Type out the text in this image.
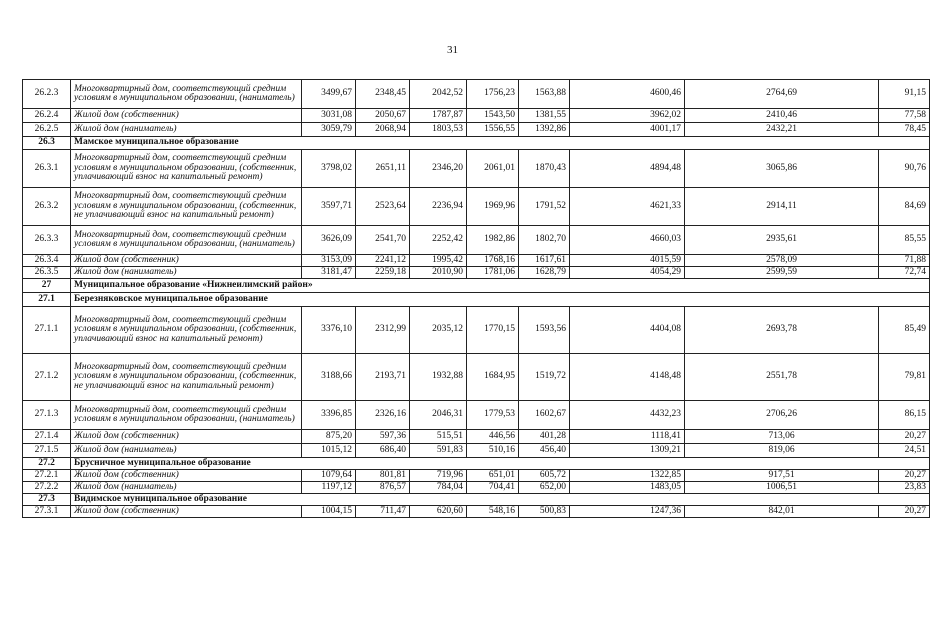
31
26.2.3	Многоквартирный дом, соответствующий средним условиям в муниципальном образовании, (наниматель)	3499,67	2348,45	2042,52	1756,23	1563,88	4600,46	2764,69	91,15
26.2.4	Жилой дом (собственник)	3031,08	2050,67	1787,87	1543,50	1381,55	3962,02	2410,46	77,58
26.2.5	Жилой дом (наниматель)	3059,79	2068,94	1803,53	1556,55	1392,86	4001,17	2432,21	78,45
26.3	Мамское муниципальное образование								
26.3.1	Многоквартирный дом, соответствующий средним условиям в муниципальном образовании, (собственник, уплачивающий взнос на капитальный ремонт)	3798,02	2651,11	2346,20	2061,01	1870,43	4894,48	3065,86	90,76
26.3.2	Многоквартирный дом, соответствующий средним условиям в муниципальном образовании, (собственник, не уплачивающий взнос на капитальный ремонт)	3597,71	2523,64	2236,94	1969,96	1791,52	4621,33	2914,11	84,69
26.3.3	Многоквартирный дом, соответствующий средним условиям в муниципальном образовании, (наниматель)	3626,09	2541,70	2252,42	1982,86	1802,70	4660,03	2935,61	85,55
26.3.4	Жилой дом (собственник)	3153,09	2241,12	1995,42	1768,16	1617,61	4015,59	2578,09	71,88
26.3.5	Жилой дом (наниматель)	3181,47	2259,18	2010,90	1781,06	1628,79	4054,29	2599,59	72,74
27	Муниципальное образование «Нижнеилимский район»								
27.1	Березняковское муниципальное образование								
27.1.1	Многоквартирный дом, соответствующий средним условиям в муниципальном образовании, (собственник, уплачивающий взнос на капитальный ремонт)	3376,10	2312,99	2035,12	1770,15	1593,56	4404,08	2693,78	85,49
27.1.2	Многоквартирный дом, соответствующий средним условиям в муниципальном образовании, (собственник, не уплачивающий взнос на капитальный ремонт)	3188,66	2193,71	1932,88	1684,95	1519,72	4148,48	2551,78	79,81
27.1.3	Многоквартирный дом, соответствующий средним условиям в муниципальном образовании, (наниматель)	3396,85	2326,16	2046,31	1779,53	1602,67	4432,23	2706,26	86,15
27.1.4	Жилой дом (собственник)	875,20	597,36	515,51	446,56	401,28	1118,41	713,06	20,27
27.1.5	Жилой дом (наниматель)	1015,12	686,40	591,83	510,16	456,40	1309,21	819,06	24,51
27.2	Брусничное муниципальное образование								
27.2.1	Жилой дом (собственник)	1079,64	801,81	719,96	651,01	605,72	1322,85	917,51	20,27
27.2.2	Жилой дом (наниматель)	1197,12	876,57	784,04	704,41	652,00	1483,05	1006,51	23,83
27.3	Видимское муниципальное образование								
27.3.1	Жилой дом (собственник)	1004,15	711,47	620,60	548,16	500,83	1247,36	842,01	20,27
